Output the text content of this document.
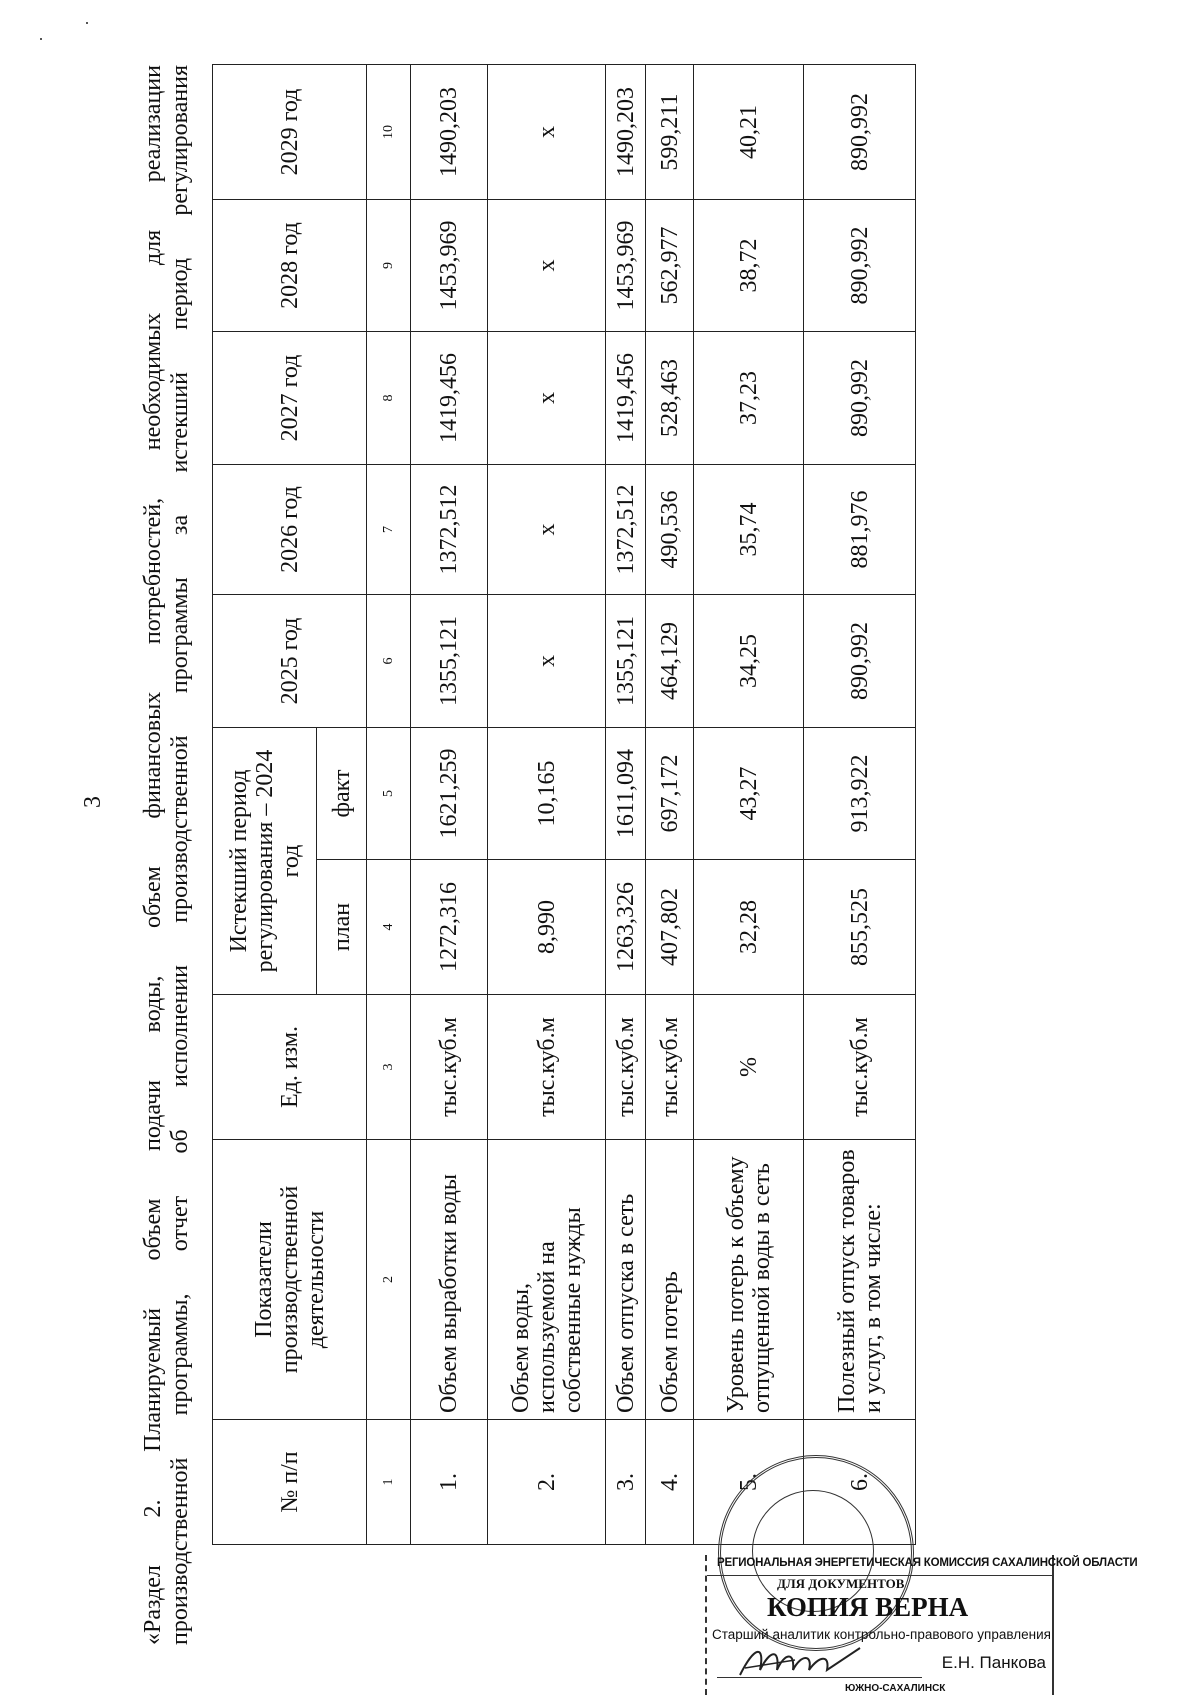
3 «Раздел 2. Планируемый объем подачи воды, объем финансовых потребностей, необходимых для реализации производственной программы, отчет об исполнении производственной программы за истекший период регулирования	№ п/п	Показатели производственной деятельности	Ед. изм.	Истекший период регулирования – 2024 год		2025 год	2026 год	2027 год	2028 год	2029 год
			план	факт					
1	2	3	4	5	6	7	8	9	10
1.	Объем выработки воды	тыс.куб.м	1272,316	1621,259	1355,121	1372,512	1419,456	1453,969	1490,203
2.	Объем воды, используемой на собственные нужды	тыс.куб.м	8,990	10,165	х	х	х	х	х
3.	Объем отпуска в сеть	тыс.куб.м	1263,326	1611,094	1355,121	1372,512	1419,456	1453,969	1490,203
4.	Объем потерь	тыс.куб.м	407,802	697,172	464,129	490,536	528,463	562,977	599,211
5.	Уровень потерь к объему отпущенной воды в сеть	%	32,28	43,27	34,25	35,74	37,23	38,72	40,21
6.	Полезный отпуск товаров и услуг, в том числе:	тыс.куб.м	855,525	913,922	890,992	881,976	890,992	890,992	890,992
РЕГИОНАЛЬНАЯ ЭНЕРГЕТИЧЕСКАЯ КОМИССИЯ САХАЛИНСКОЙ ОБЛАСТИ
ДЛЯ ДОКУМЕНТОВ
КОПИЯ ВЕРНА
Старший аналитик контрольно-правового управления
Е.Н. Панкова
ЮЖНО-САХАЛИНСК
